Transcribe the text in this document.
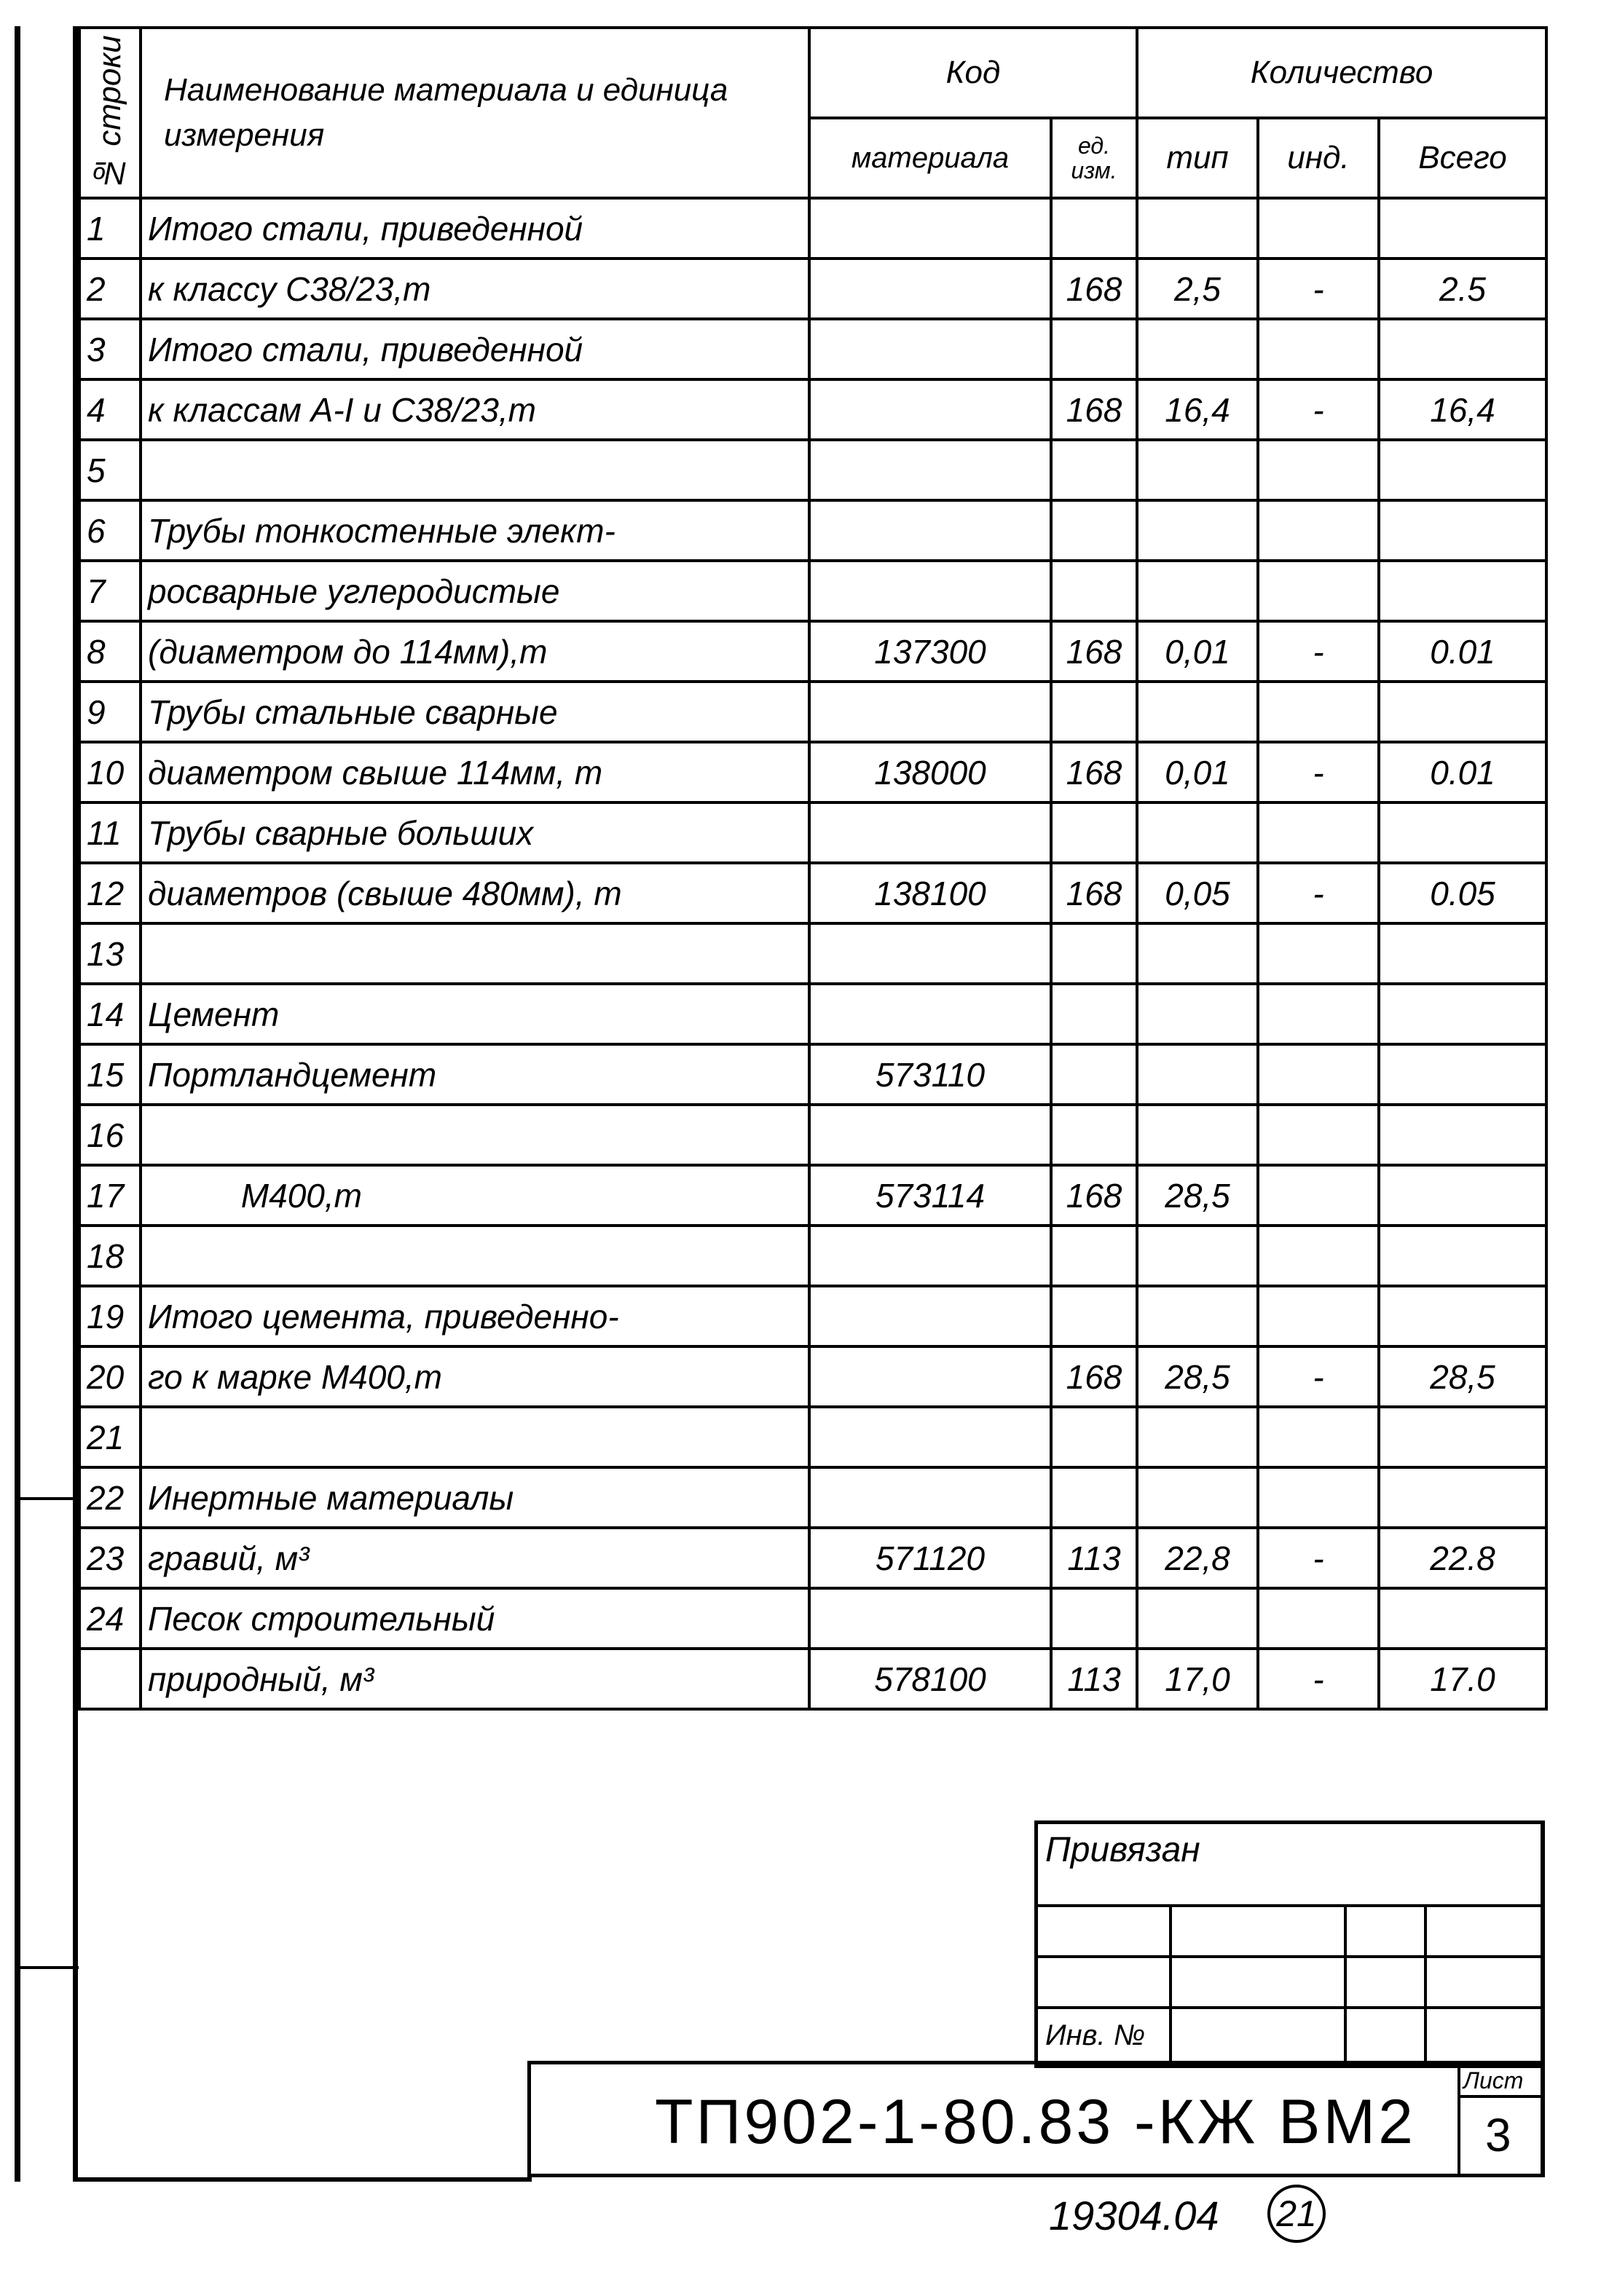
№ строки	Наименование материала и единица измерения	Код		Количество		
		материала	ед. изм.	тип	инд.	Всего
1	Итого стали, приведенной					
2	к классу С38/23,т		168	2,5	-	2.5
3	Итого стали, приведенной					
4	к классам А-I и С38/23,т		168	16,4	-	16,4
5						
6	Трубы тонкостенные элект-					
7	росварные углеродистые					
8	(диаметром до 114мм),т	137300	168	0,01	-	0.01
9	Трубы стальные сварные					
10	диаметром свыше 114мм, т	138000	168	0,01	-	0.01
11	Трубы сварные больших					
12	диаметров (свыше 480мм), т	138100	168	0,05	-	0.05
13						
14	Цемент					
15	Портландцемент	573110				
16						
17	М400,т	573114	168	28,5		
18						
19	Итого цемента, приведенно-					
20	го к марке М400,т		168	28,5	-	28,5
21						
22	Инертные материалы					
23	гравий, м³	571120	113	22,8	-	22.8
24	Песок строительный					
	природный, м³	578100	113	17,0	-	17.0
Привязан
Инв. №
ТП902-1-80.83 -КЖ ВМ2
Лист
3
19304.04 21
